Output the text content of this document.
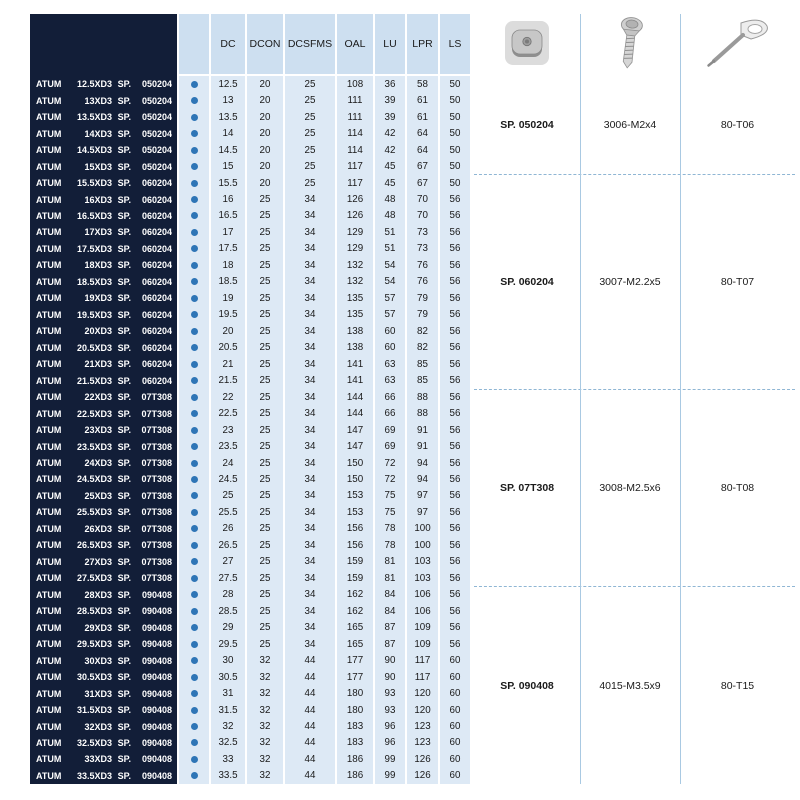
DC	DCON DCSFMS	OAL	LU	LPR	LS
ATUM	12.5XD3 SP.	050204	12.5	20	25	108	36	58	50
ATUM	13XD3 SP.	050204	13	20	25	111	39	61	50
ATUM	13.5XD3 SP.	050204	13.5	20	25	111	39	61	50
ATUM	14XD3 SP.	050204	14	20	25	114	42	64	50
ATUM	14.5XD3 SP.	050204	14.5	20	25	114	42	64	50
ATUM	15XD3 SP.	050204	15	20	25	117	45	67	50
ATUM	15.5XD3 SP.	060204	15.5	20	25	117	45	67	50
ATUM	16XD3 SP.	060204	16	25	34	126	48	70	56
ATUM	16.5XD3 SP.	060204	16.5	25	34	126	48	70	56
ATUM	17XD3 SP.	060204	17	25	34	129	51	73	56
ATUM	17.5XD3 SP.	060204	17.5	25	34	129	51	73	56
ATUM	18XD3 SP.	060204	18	25	34	132	54	76	56
ATUM	18.5XD3 SP.	060204	18.5	25	34	132	54	76	56
ATUM	19XD3 SP.	060204	19	25	34	135	57	79	56
ATUM	19.5XD3 SP.	060204	19.5	25	34	135	57	79	56
ATUM	20XD3 SP.	060204	20	25	34	138	60	82	56
ATUM	20.5XD3 SP.	060204	20.5	25	34	138	60	82	56
ATUM	21XD3 SP.	060204	21	25	34	141	63	85	56
ATUM	21.5XD3 SP.	060204	21.5	25	34	141	63	85	56
ATUM	22XD3 SP.	07T308	22	25	34	144	66	88	56
ATUM	22.5XD3 SP.	07T308	22.5	25	34	144	66	88	56
ATUM	23XD3 SP.	07T308	23	25	34	147	69	91	56
ATUM	23.5XD3 SP.	07T308	23.5	25	34	147	69	91	56
ATUM	24XD3 SP.	07T308	24	25	34	150	72	94	56
ATUM	24.5XD3 SP.	07T308	24.5	25	34	150	72	94	56
ATUM	25XD3 SP.	07T308	25	25	34	153	75	97	56
ATUM	25.5XD3 SP.	07T308	25.5	25	34	153	75	97	56
ATUM	26XD3 SP.	07T308	26	25	34	156	78	100	56
ATUM	26.5XD3 SP.	07T308	26.5	25	34	156	78	100	56
ATUM	27XD3 SP.	07T308	27	25	34	159	81	103	56
ATUM	27.5XD3 SP.	07T308	27.5	25	34	159	81	103	56
ATUM	28XD3 SP.	090408	28	25	34	162	84	106	56
ATUM	28.5XD3 SP.	090408	28.5	25	34	162	84	106	56
ATUM	29XD3 SP.	090408	29	25	34	165	87	109	56
ATUM	29.5XD3 SP.	090408	29.5	25	34	165	87	109	56
ATUM	30XD3 SP.	090408	30	32	44	177	90	117	60
ATUM	30.5XD3 SP.	090408	30.5	32	44	177	90	117	60
ATUM	31XD3 SP.	090408	31	32	44	180	93	120	60
ATUM	31.5XD3 SP.	090408	31.5	32	44	180	93	120	60
ATUM	32XD3 SP.	090408	32	32	44	183	96	123	60
ATUM	32.5XD3 SP.	090408	32.5	32	44	183	96	123	60
ATUM	33XD3 SP.	090408	33	32	44	186	99	126	60
ATUM	33.5XD3 SP.	090408	33.5	32	44	186	99	126	60
SP. 050204	3006-M2x4	80-T06
SP. 060204	3007-M2.2x5	80-T07
SP. 07T308	3008-M2.5x6	80-T08
SP. 090408	4015-M3.5x9	80-T15
